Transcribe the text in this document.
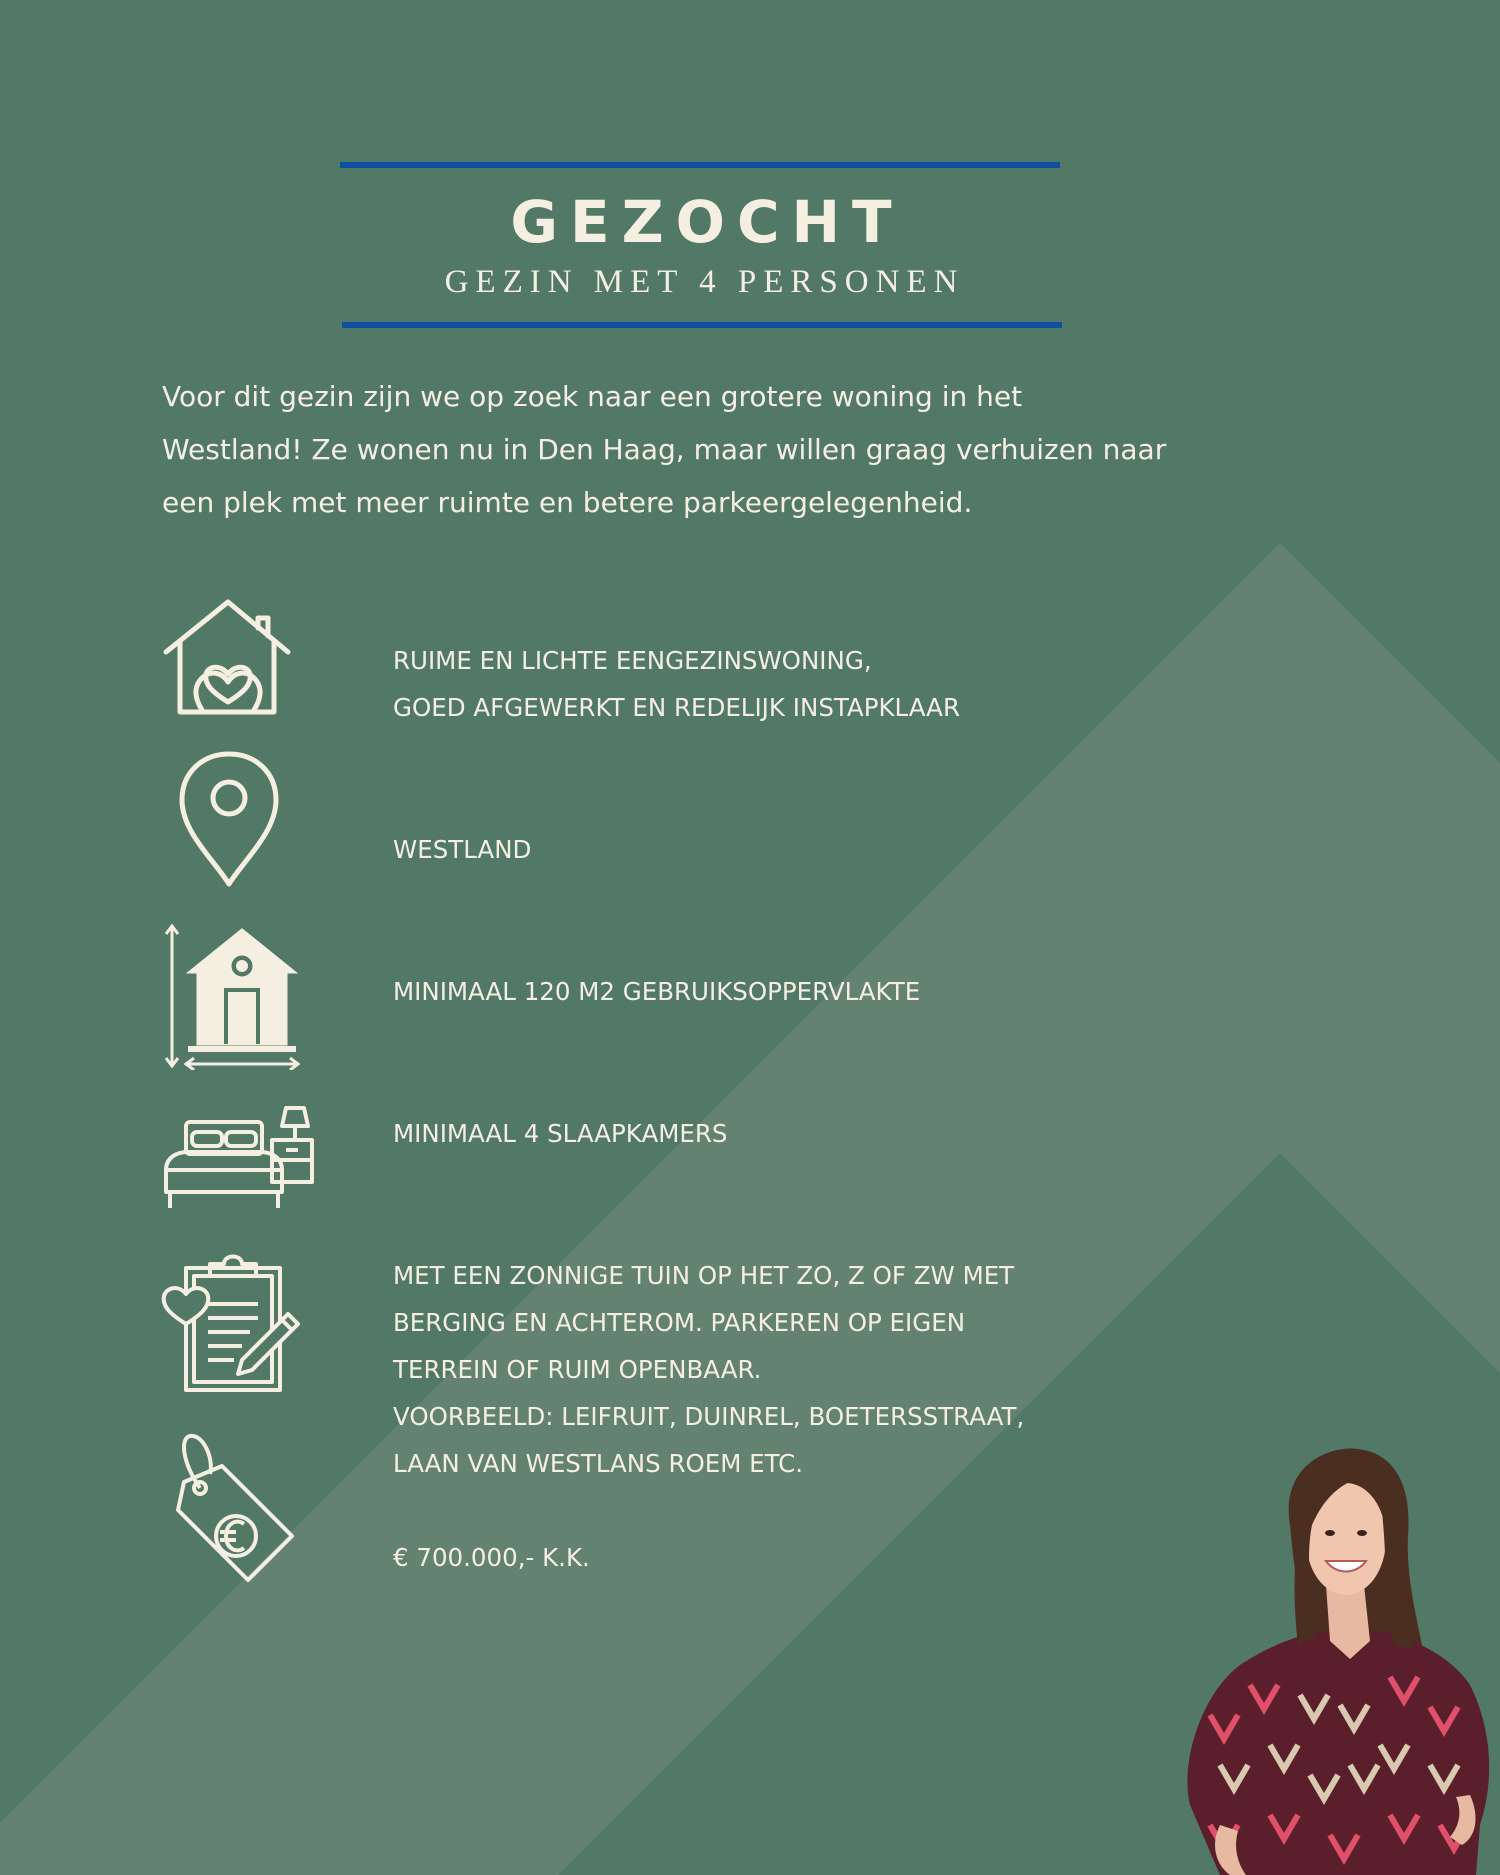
GEZOCHT
GEZIN MET 4 PERSONEN
Voor dit gezin zijn we op zoek naar een grotere woning in het
Westland! Ze wonen nu in Den Haag, maar willen graag verhuizen naar
een plek met meer ruimte en betere parkeergelegenheid.
RUIME EN LICHTE EENGEZINSWONING,
GOED AFGEWERKT EN REDELIJK INSTAPKLAAR
WESTLAND
MINIMAAL 120 M2 GEBRUIKSOPPERVLAKTE
MINIMAAL 4 SLAAPKAMERS
MET EEN ZONNIGE TUIN OP HET ZO, Z OF ZW MET
BERGING EN ACHTEROM. PARKEREN OP EIGEN
TERREIN OF RUIM OPENBAAR.
VOORBEELD: LEIFRUIT, DUINREL, BOETERSSTRAAT,
LAAN VAN WESTLANS ROEM ETC.
€ 700.000,- K.K.
